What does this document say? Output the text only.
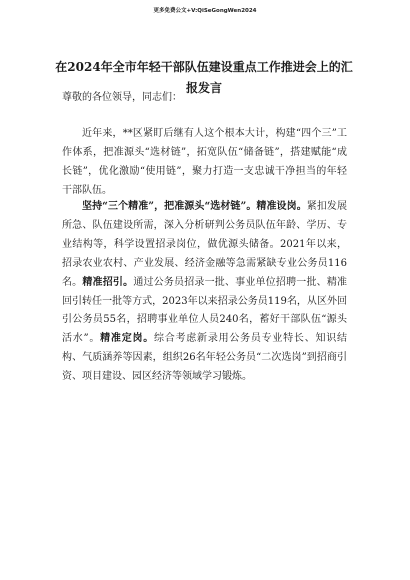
更多免费公文+V:QiSeGongWen2024
在2024年全市年轻干部队伍建设重点工作推进会上的汇报发言

尊敬的各位领导，同志们：

近年来，**区紧盯后继有人这个根本大计，构建“四个三”工作体系，把准源头“选材链”，拓宽队伍“储备链”，搭建赋能“成长链”，优化激励“使用链”，聚力打造一支忠诚干净担当的年轻干部队伍。

坚持“三个精准”，把准源头“选材链”。精准设岗。紧扣发展所急、队伍建设所需，深入分析研判公务员队伍年龄、学历、专业结构等，科学设置招录岗位，做优源头储备。2021年以来，招录农业农村、产业发展、经济金融等急需紧缺专业公务员116名。精准招引。通过公务员招录一批、事业单位招聘一批、精准回引转任一批等方式，2023年以来招录公务员119名，从区外回引公务员55名，招聘事业单位人员240名，蓄好干部队伍“源头活水”。精准定岗。综合考虑新录用公务员专业特长、知识结构、气质涵养等因素，组织26名年轻公务员“二次选岗”到招商引资、项目建设、园区经济等领域学习锻炼。
